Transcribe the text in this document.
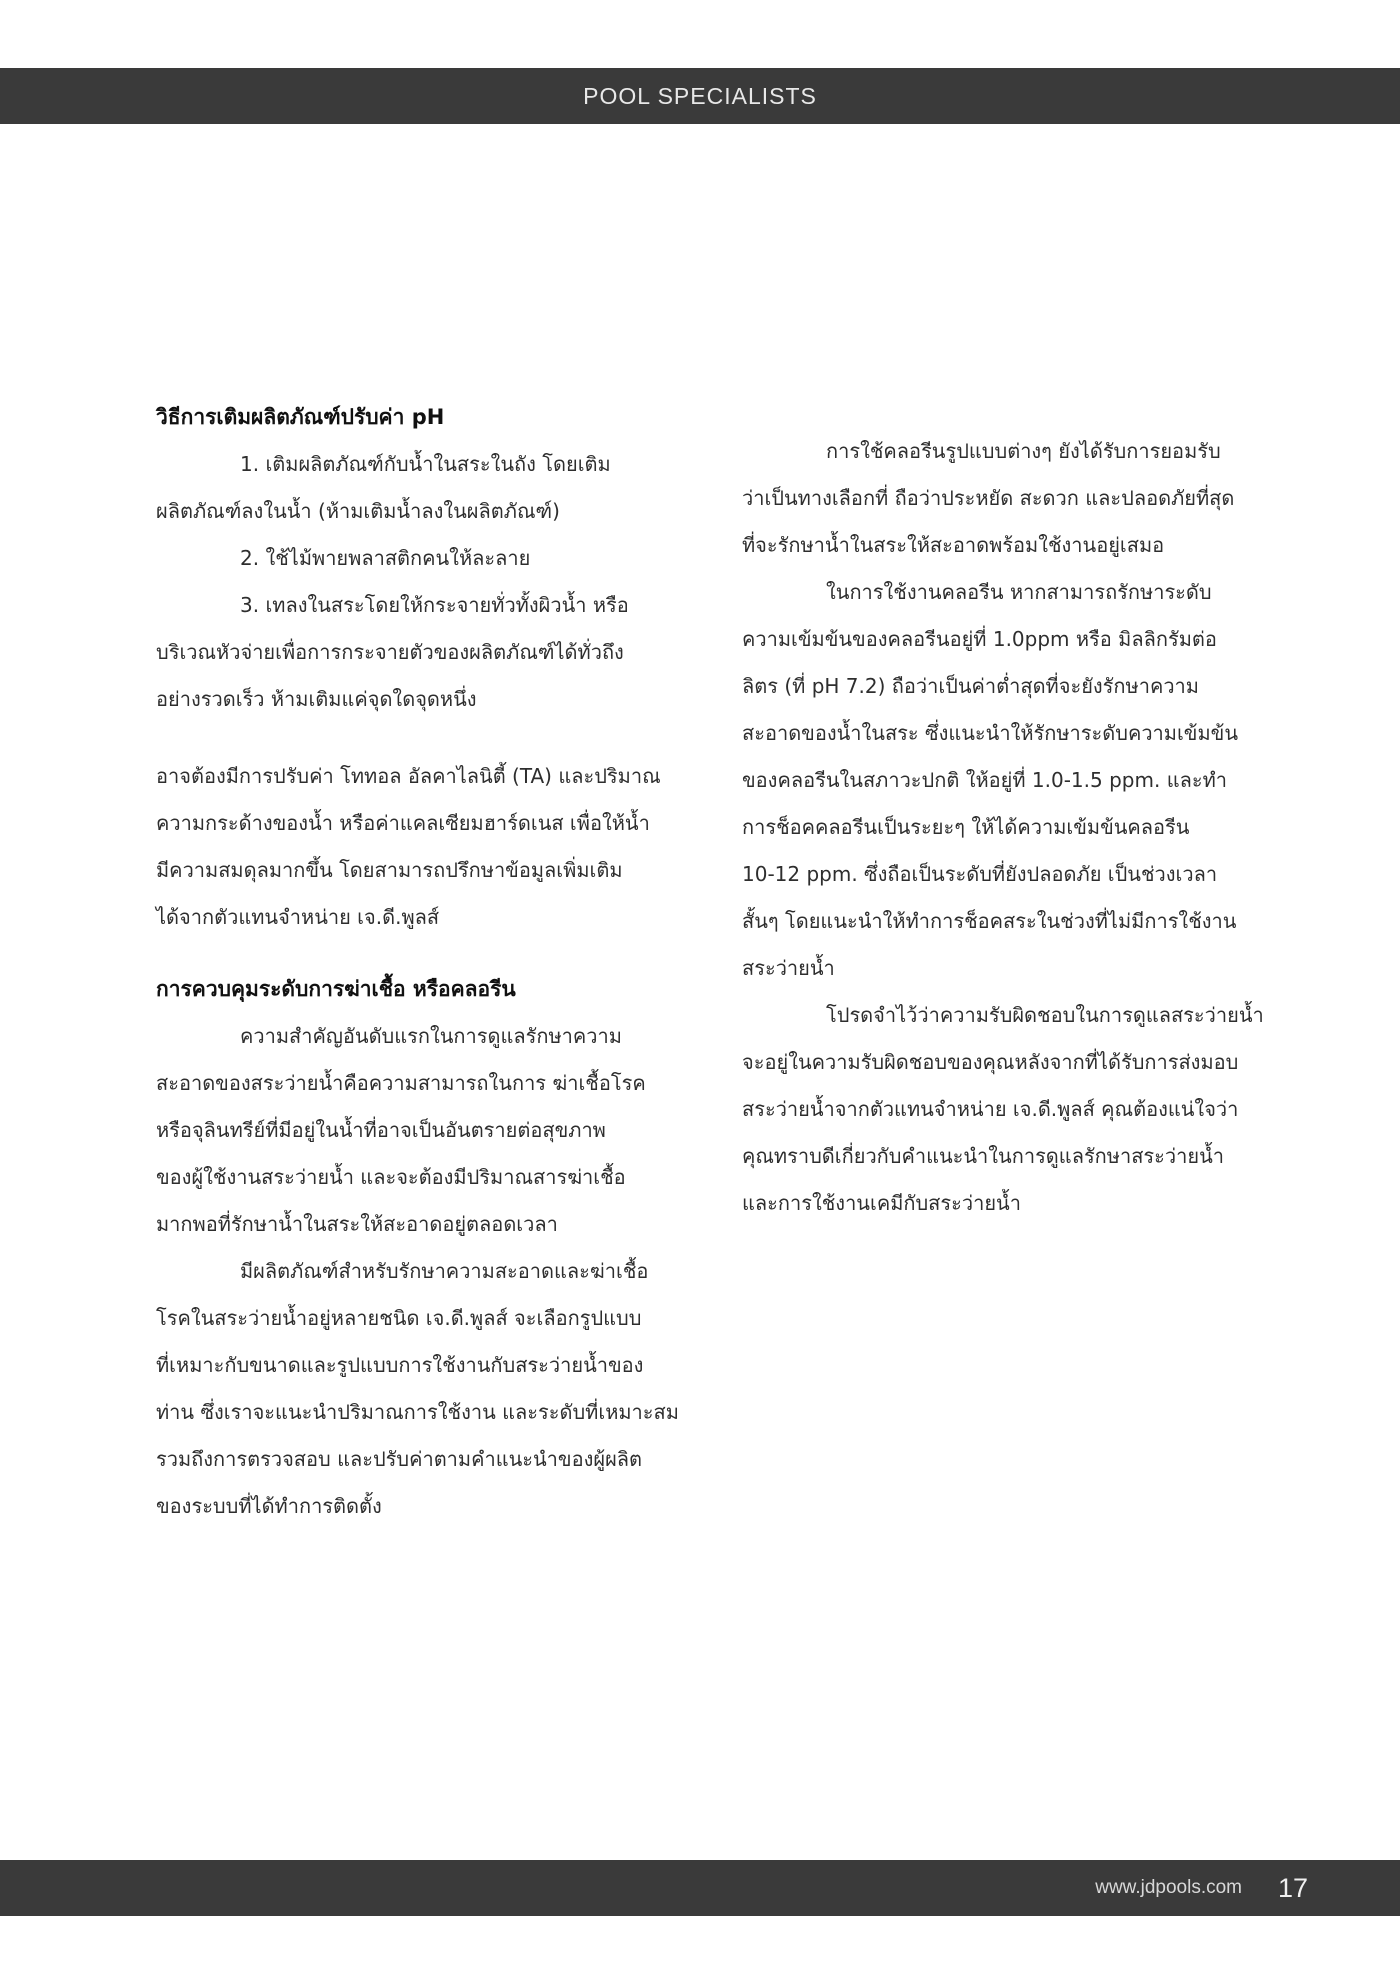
POOL SPECIALISTS
วิธีการเติมผลิตภัณฑ์ปรับค่า pH
1. เติมผลิตภัณฑ์กับน้ำในสระในถัง โดยเติม
ผลิตภัณฑ์ลงในน้ำ (ห้ามเติมน้ำลงในผลิตภัณฑ์)
2. ใช้ไม้พายพลาสติกคนให้ละลาย
3. เทลงในสระโดยให้กระจายทั่วทั้งผิวน้ำ หรือ
บริเวณหัวจ่ายเพื่อการกระจายตัวของผลิตภัณฑ์ได้ทั่วถึง
อย่างรวดเร็ว ห้ามเติมแค่จุดใดจุดหนึ่ง
อาจต้องมีการปรับค่า โททอล อัลคาไลนิตี้ (TA) และปริมาณ
ความกระด้างของน้ำ หรือค่าแคลเซียมฮาร์ดเนส เพื่อให้น้ำ
มีความสมดุลมากขึ้น โดยสามารถปรึกษาข้อมูลเพิ่มเติม
ได้จากตัวแทนจำหน่าย เจ.ดี.พูลส์
การควบคุมระดับการฆ่าเชื้อ หรือคลอรีน
ความสำคัญอันดับแรกในการดูแลรักษาความ
สะอาดของสระว่ายน้ำคือความสามารถในการ ฆ่าเชื้อโรค
หรือจุลินทรีย์ที่มีอยู่ในน้ำที่อาจเป็นอันตรายต่อสุขภาพ
ของผู้ใช้งานสระว่ายน้ำ และจะต้องมีปริมาณสารฆ่าเชื้อ
มากพอที่รักษาน้ำในสระให้สะอาดอยู่ตลอดเวลา
มีผลิตภัณฑ์สำหรับรักษาความสะอาดและฆ่าเชื้อ
โรคในสระว่ายน้ำอยู่หลายชนิด เจ.ดี.พูลส์ จะเลือกรูปแบบ
ที่เหมาะกับขนาดและรูปแบบการใช้งานกับสระว่ายน้ำของ
ท่าน ซึ่งเราจะแนะนำปริมาณการใช้งาน และระดับที่เหมาะสม
รวมถึงการตรวจสอบ และปรับค่าตามคำแนะนำของผู้ผลิต
ของระบบที่ได้ทำการติดตั้ง
การใช้คลอรีนรูปแบบต่างๆ ยังได้รับการยอมรับ
ว่าเป็นทางเลือกที่ ถือว่าประหยัด สะดวก และปลอดภัยที่สุด
ที่จะรักษาน้ำในสระให้สะอาดพร้อมใช้งานอยู่เสมอ
ในการใช้งานคลอรีน หากสามารถรักษาระดับ
ความเข้มข้นของคลอรีนอยู่ที่ 1.0ppm หรือ มิลลิกรัมต่อ
ลิตร (ที่ pH 7.2) ถือว่าเป็นค่าต่ำสุดที่จะยังรักษาความ
สะอาดของน้ำในสระ ซึ่งแนะนำให้รักษาระดับความเข้มข้น
ของคลอรีนในสภาวะปกติ ให้อยู่ที่ 1.0-1.5 ppm. และทำ
การช็อคคลอรีนเป็นระยะๆ ให้ได้ความเข้มข้นคลอรีน
10-12 ppm. ซึ่งถือเป็นระดับที่ยังปลอดภัย เป็นช่วงเวลา
สั้นๆ โดยแนะนำให้ทำการช็อคสระในช่วงที่ไม่มีการใช้งาน
สระว่ายน้ำ
โปรดจำไว้ว่าความรับผิดชอบในการดูแลสระว่ายน้ำ
จะอยู่ในความรับผิดชอบของคุณหลังจากที่ได้รับการส่งมอบ
สระว่ายน้ำจากตัวแทนจำหน่าย เจ.ดี.พูลส์ คุณต้องแน่ใจว่า
คุณทราบดีเกี่ยวกับคำแนะนำในการดูแลรักษาสระว่ายน้ำ
และการใช้งานเคมีกับสระว่ายน้ำ
www.jdpools.com 17
